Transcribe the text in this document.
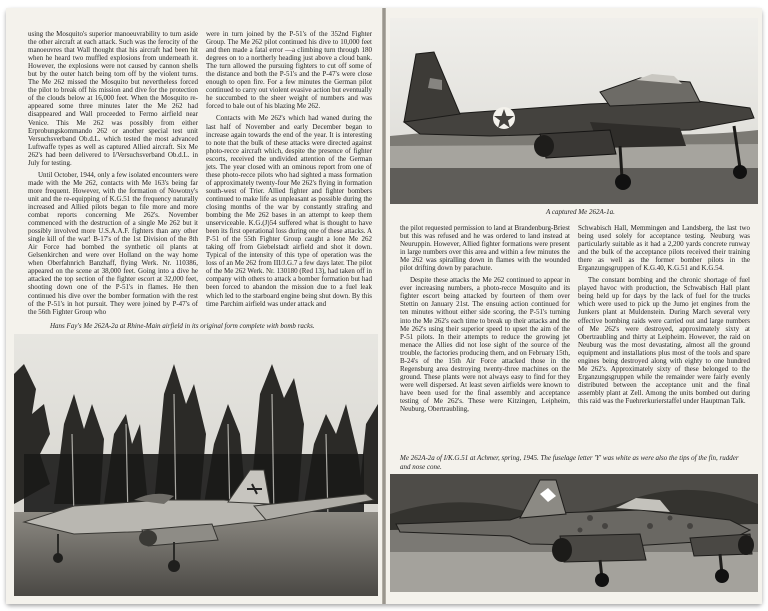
using the Mosquito's superior manoeuvrability to turn aside the other aircraft at each attack. Such was the ferocity of the manoeuvres that Wall thought that his aircraft had been hit when he heard two muffled explosions from underneath it. However, the explosions were not caused by cannon shells but by the outer hatch being torn off by the violent turns. The Me 262 missed the Mosquito but nevertheless forced the pilot to break off his mission and dive for the protection of the clouds below at 16,000 feet. When the Mosquito re-appeared some three minutes later the Me 262 had disappeared and Wall proceeded to Fermo airfield near Venice. This Me 262 was possibly from either Erprobungskommando 262 or another special test unit Versuchsverband Ob.d.L. which tested the most advanced Luftwaffe types as well as captured Allied aircraft. Six Me 262's had been delivered to I/Versuchsverband Ob.d.L. in July for testing.

Until October, 1944, only a few isolated encounters were made with the Me 262, contacts with Me 163's being far more frequent. However, with the formation of Nowotny's unit and the re-equipping of K.G.51 the frequency naturally increased and Allied pilots began to file more and more combat reports concerning Me 262's. November commenced with the destruction of a single Me 262 but it possibly involved more U.S.A.A.F. fighters than any other single kill of the war! B-17's of the 1st Division of the 8th Air Force had bombed the synthetic oil plants at Gelsenkirchen and were over Holland on the way home when Oberfahnrich Banzhaff, flying Werk. Nr. 110386, appeared on the scene at 38,000 feet. Going into a dive he attacked the top section of the fighter escort at 32,000 feet, shooting down one of the P-51's in flames. He then continued his dive over the bomber formation with the rest of the P-51's in hot pursuit. They were joined by P-47's of the 56th Fighter Group who

were in turn joined by the P-51's of the 352nd Fighter Group. The Me 262 pilot continued his dive to 10,000 feet and then made a fatal error —a climbing turn through 180 degrees on to a northerly heading just above a cloud bank. The turn allowed the pursuing fighters to cut off some of the distance and both the P-51's and the P-47's were close enough to open fire. For a few minutes the German pilot continued to carry out violent evasive action but eventually he succumbed to the sheer weight of numbers and was forced to bale out of his blazing Me 262.

Contacts with Me 262's which had waned during the last half of November and early December began to increase again towards the end of the year. It is interesting to note that the bulk of these attacks were directed against photo-recce aircraft which, despite the presence of fighter escorts, received the undivided attention of the German jets. The year closed with an ominous report from one of these photo-recce pilots who had sighted a mass formation of approximately twenty-four Me 262's flying in formation south-west of Trier. Allied fighter and fighter bombers continued to make life as unpleasant as possible during the closing months of the war by constantly strafing and bombing the Me 262 bases in an attempt to keep them unserviceable. K.G.(J)54 suffered what is thought to have been its first operational loss during one of these attacks. A P-51 of the 55th Fighter Group caught a lone Me 262 taking off from Giebelstadt airfield and shot it down. Typical of the intensity of this type of operation was the loss of an Me 262 from III/J.G.7 a few days later. The pilot of the Me 262 Werk. Nr. 130180 (Red 13), had taken off in company with others to attack a bomber formation but had been forced to abandon the mission due to a fuel leak which led to the starboard engine being shut down. By this time Parchim airfield was under attack and

Hans Fay's Me 262A-2a at Rhine-Main airfield in its original form complete with bomb racks.
A captured Me 262A-1a.

the pilot requested permission to land at Brandenburg-Briest but this was refused and he was ordered to land instead at Neuruppin. However, Allied fighter formations were present in large numbers over this area and within a few minutes the Me 262 was spiralling down in flames with the wounded pilot drifting down by parachute.

Despite these attacks the Me 262 continued to appear in ever increasing numbers, a photo-recce Mosquito and its fighter escort being attacked by fourteen of them over Stettin on January 21st. The ensuing action continued for ten minutes without either side scoring, the P-51's turning into the Me 262's each time to break up their attacks and the Me 262's using their superior speed to upset the aim of the P-51 pilots. In their attempts to reduce the growing jet menace the Allies did not lose sight of the source of the trouble, the factories producing them, and on February 15th, B-24's of the 15th Air Force attacked those in the Regensburg area destroying twenty-three machines on the ground. These plants were not always easy to find for they were well dispersed. At least seven airfields were known to have been used for the final assembly and acceptance testing of Me 262's. These were Kitzingen, Leipheim, Neuburg, Obertraubling,

Schwabisch Hall, Memmingen and Landsberg, the last two being used solely for acceptance testing. Neuburg was particularly suitable as it had a 2,200 yards concrete runway and the bulk of the acceptance pilots received their training there as well as the former bomber pilots in the Erganzungsgruppen of K.G.40, K.G.51 and K.G.54.

The constant bombing and the chronic shortage of fuel played havoc with production, the Schwabisch Hall plant being held up for days by the lack of fuel for the trucks which were used to pick up the Jumo jet engines from the Junkers plant at Muldenstein. During March several very effective bombing raids were carried out and large numbers of Me 262's were destroyed, approximately sixty at Obertraubling and thirty at Leipheim. However, the raid on Neuburg was the most devastating, almost all the ground equipment and installations plus most of the tools and spare engines being destroyed along with eighty to one hundred Me 262's. Approximately sixty of these belonged to the Erganzungsgruppen while the remainder were fairly evenly distributed between the acceptance unit and the final assembly plant at Zell. Among the units bombed out during this raid was the Fuehrerkurierstaffel under Hauptman Talk.

Me 262A-2a of I/K.G.51 at Achmer, spring, 1945. The fuselage letter 'Y' was white as were also the tips of the fin, rudder and nose cone.
